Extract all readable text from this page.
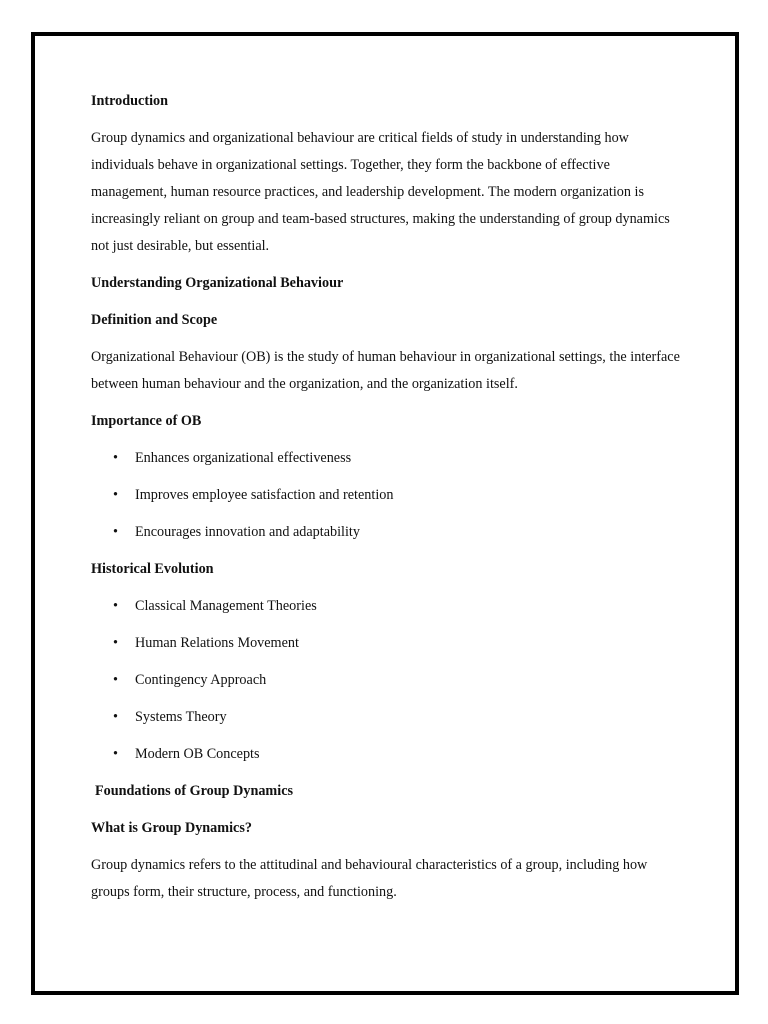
Introduction
Group dynamics and organizational behaviour are critical fields of study in understanding how individuals behave in organizational settings. Together, they form the backbone of effective management, human resource practices, and leadership development. The modern organization is increasingly reliant on group and team-based structures, making the understanding of group dynamics not just desirable, but essential.
Understanding Organizational Behaviour
Definition and Scope
Organizational Behaviour (OB) is the study of human behaviour in organizational settings, the interface between human behaviour and the organization, and the organization itself.
Importance of OB
• Enhances organizational effectiveness
• Improves employee satisfaction and retention
• Encourages innovation and adaptability
Historical Evolution
• Classical Management Theories
• Human Relations Movement
• Contingency Approach
• Systems Theory
• Modern OB Concepts
Foundations of Group Dynamics
What is Group Dynamics?
Group dynamics refers to the attitudinal and behavioural characteristics of a group, including how groups form, their structure, process, and functioning.
